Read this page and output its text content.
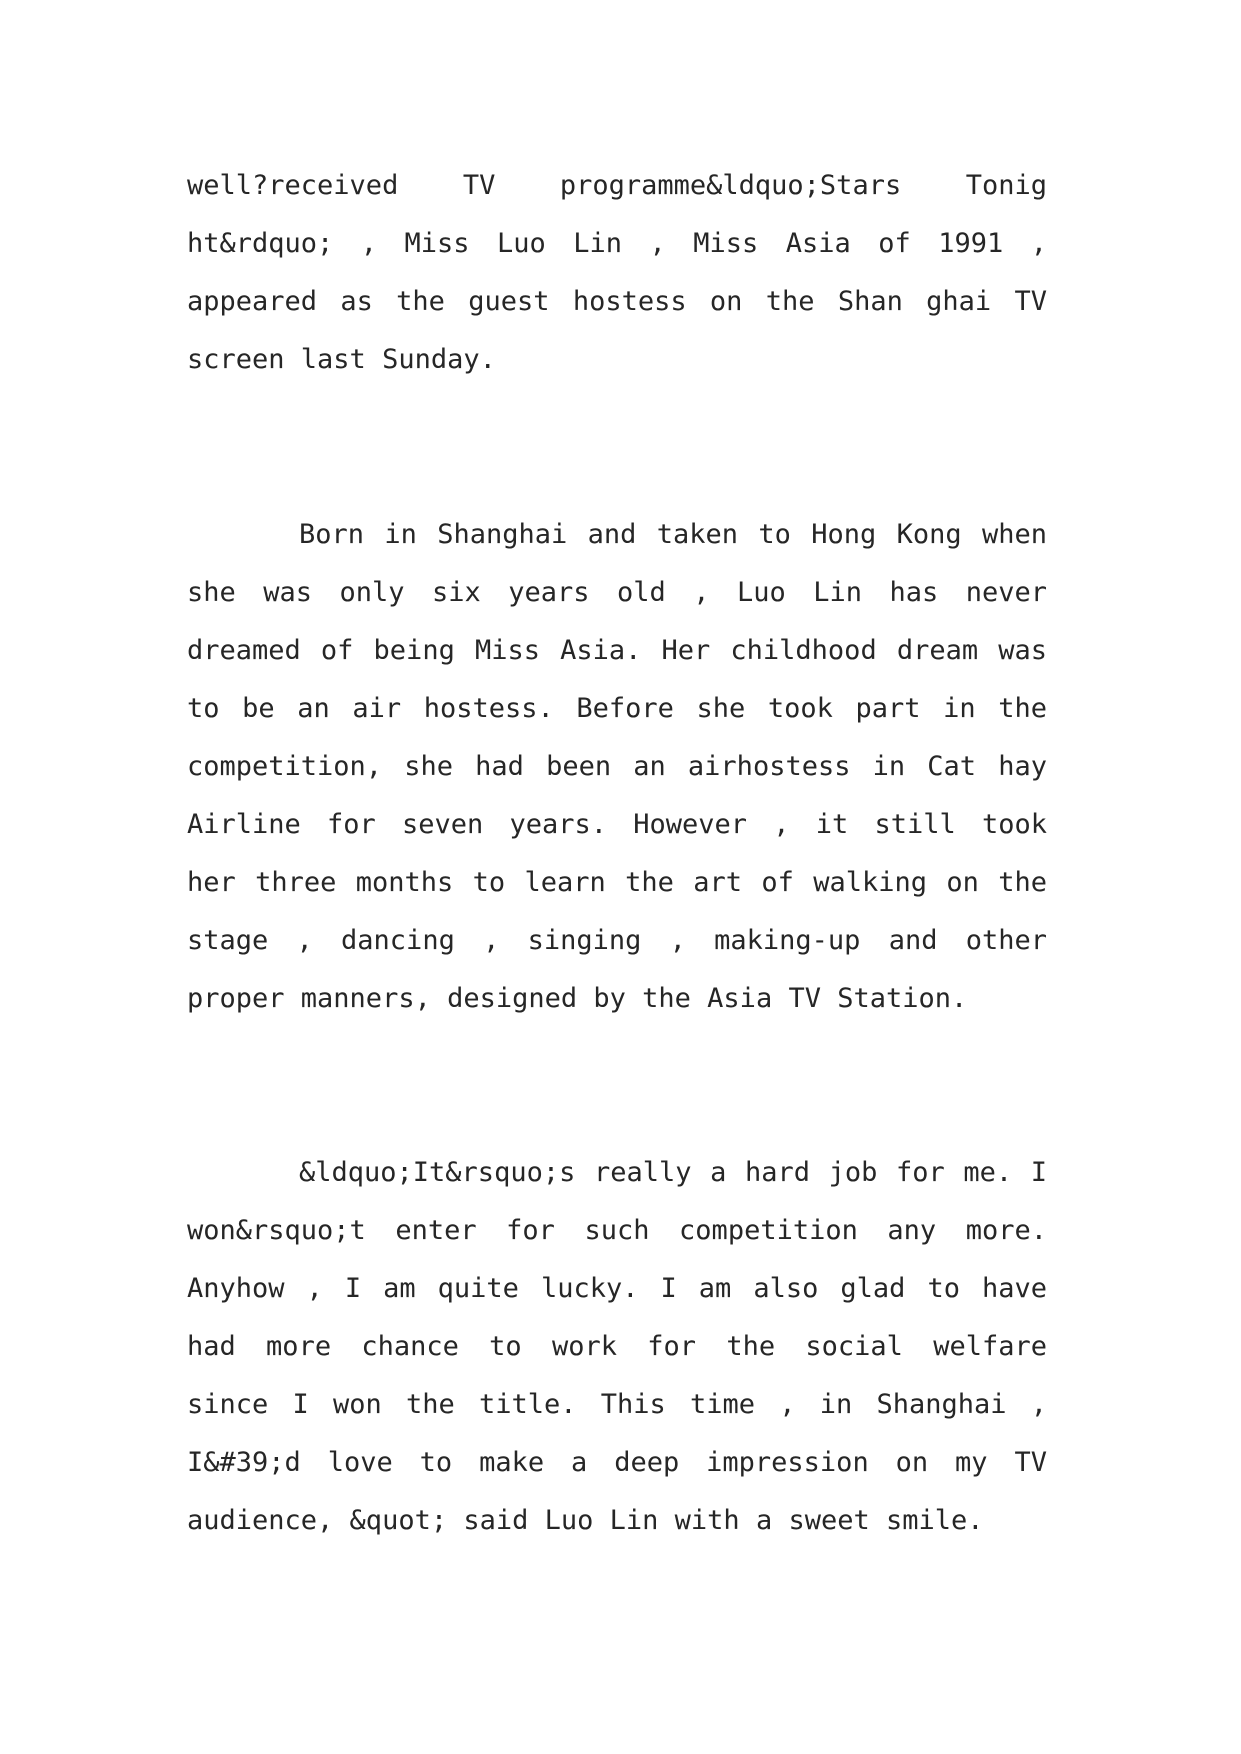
well?received TV programme&ldquo;Stars Tonig
ht&rdquo; , Miss Luo Lin , Miss Asia of 1991 ,
appeared as the guest hostess on the Shan ghai TV
screen last Sunday.
Born in Shanghai and taken to Hong Kong when
she was only six years old , Luo Lin has never
dreamed of being Miss Asia. Her childhood dream was
to be an air hostess. Before she took part in the
competition, she had been an airhostess in Cat hay
Airline for seven years. However , it still took
her three months to learn the art of walking on the
stage , dancing , singing , making-up and other
proper manners, designed by the Asia TV Station.
&ldquo;It&rsquo;s really a hard job for me. I
won&rsquo;t enter for such competition any more.
Anyhow , I am quite lucky. I am also glad to have
had more chance to work for the social welfare
since I won the title. This time , in Shanghai ,
I&#39;d love to make a deep impression on my TV
audience, &quot; said Luo Lin with a sweet smile.
